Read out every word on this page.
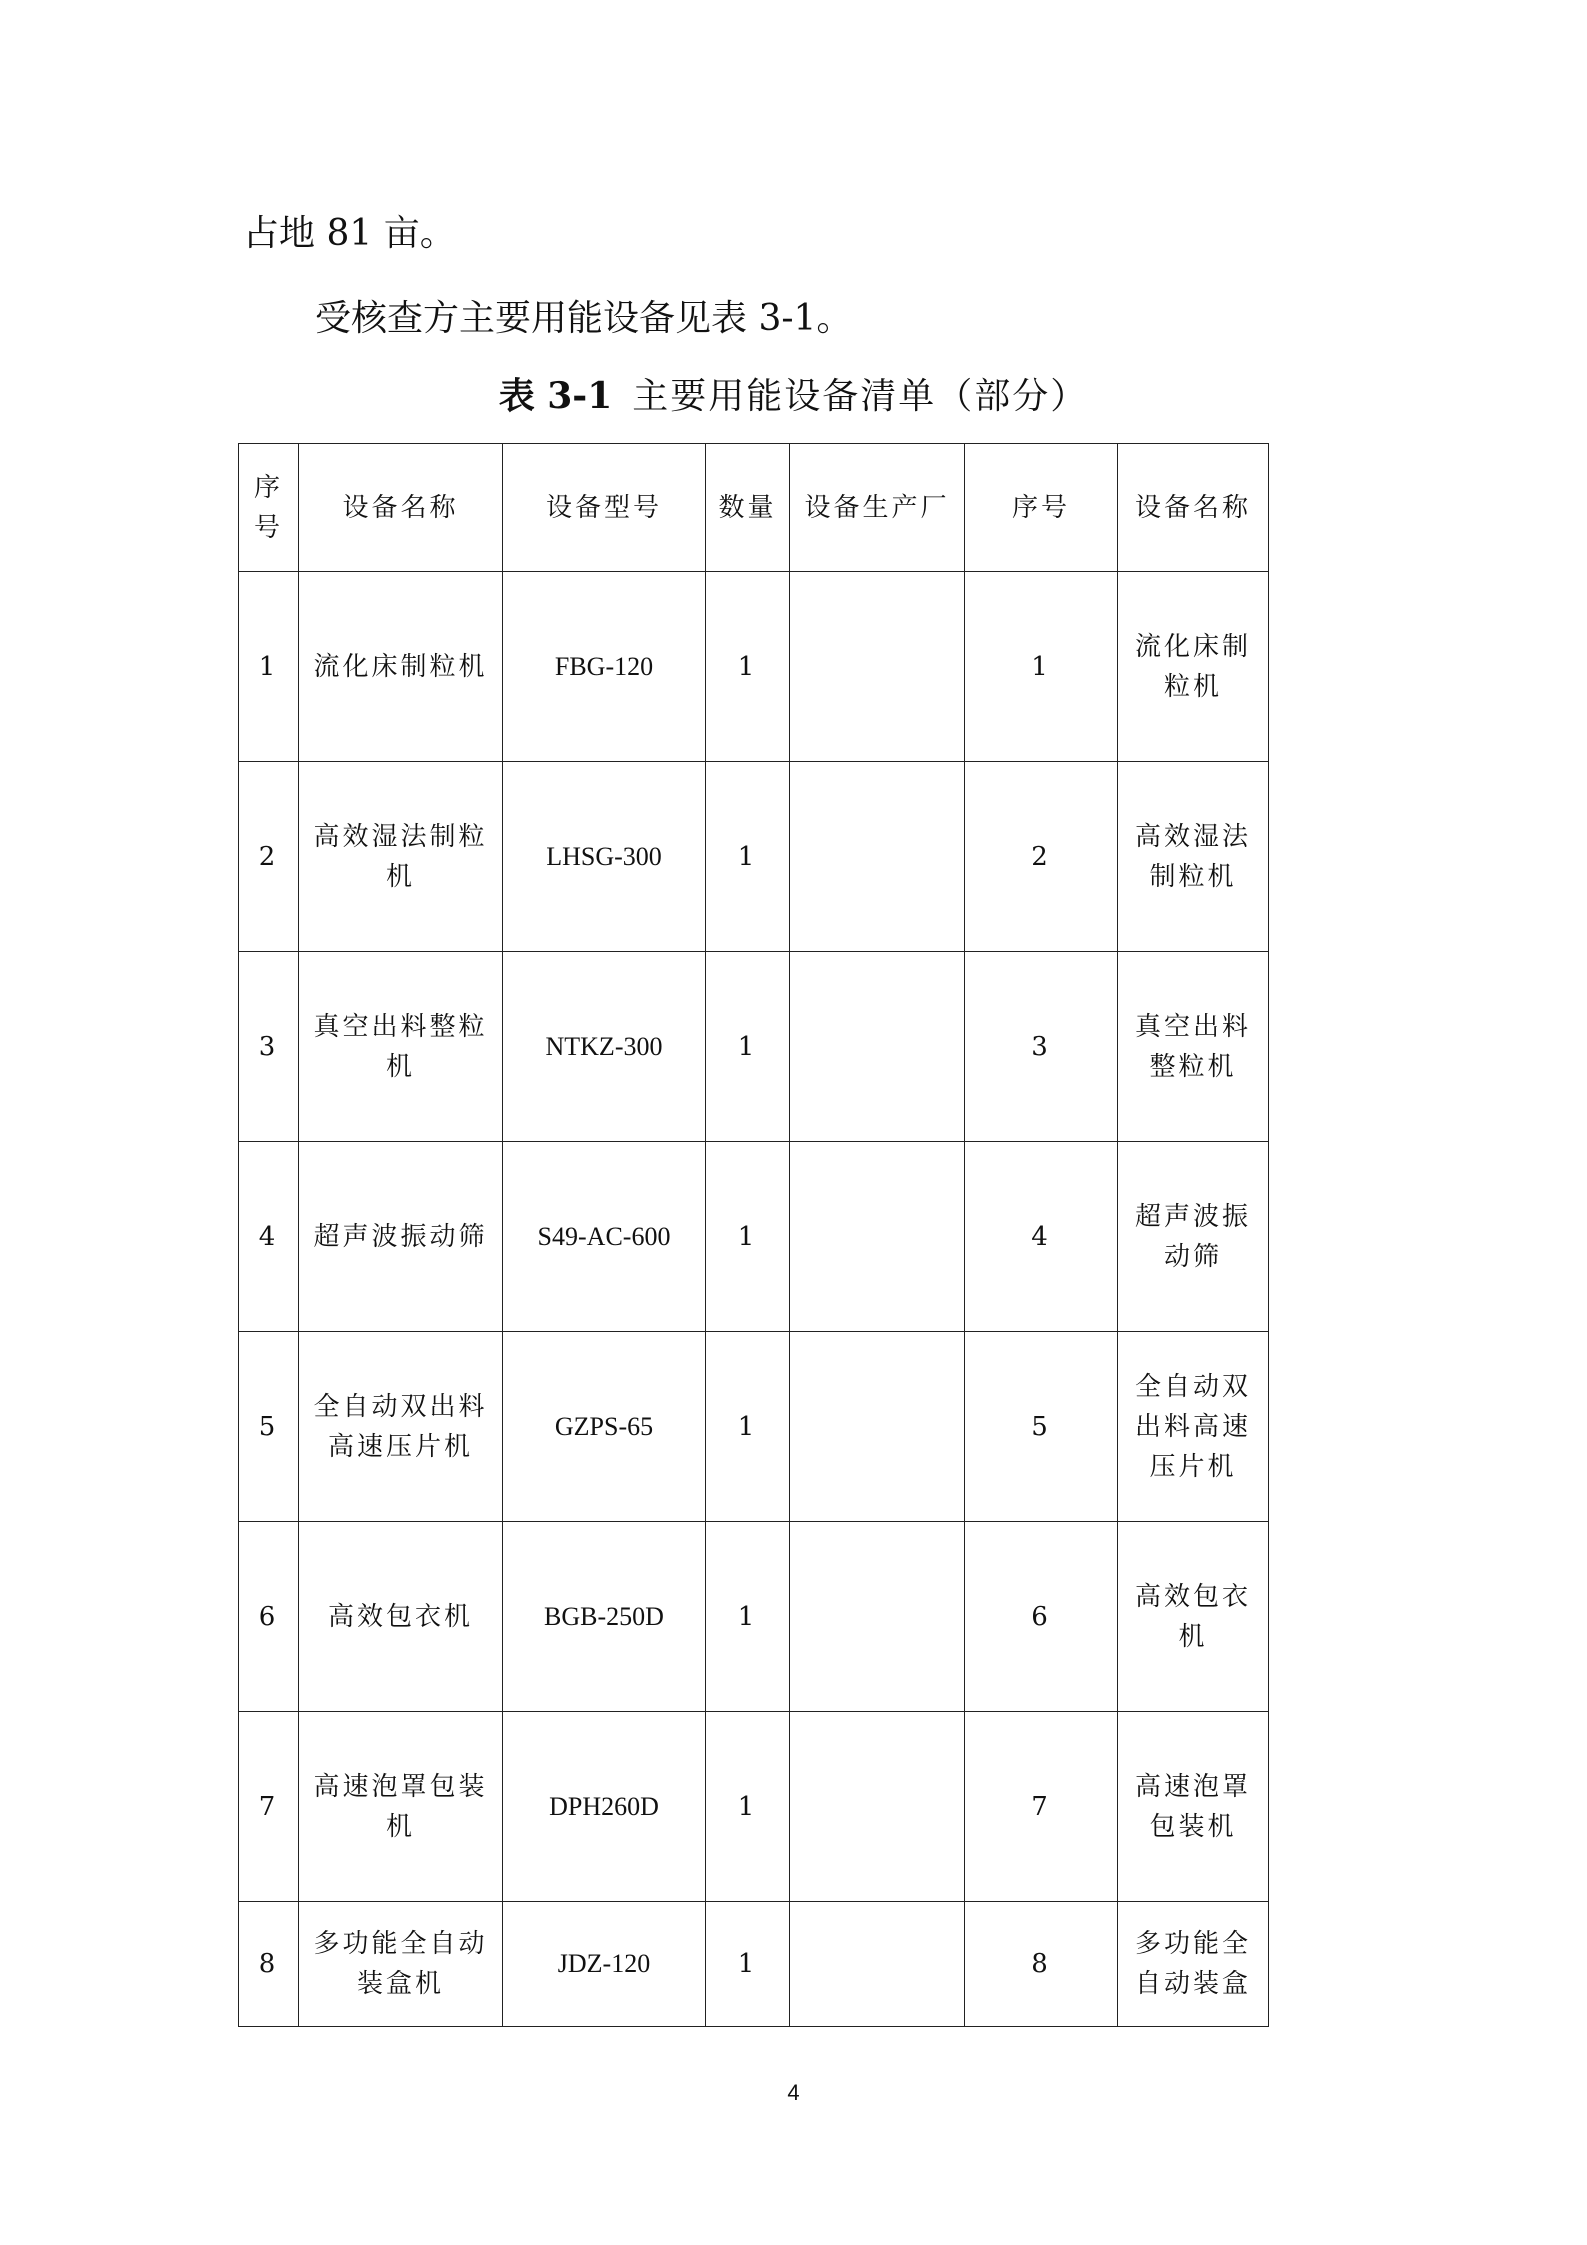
占地 81 亩。
受核查方主要用能设备见表 3-1。
表 3-1 主要用能设备清单（部分）
序号	设备名称	设备型号	数量	设备生产厂	序号	设备名称
1	流化床制粒机	FBG-120	1		1	流化床制粒机
2	高效湿法制粒机	LHSG-300	1		2	高效湿法制粒机
3	真空出料整粒机	NTKZ-300	1		3	真空出料整粒机
4	超声波振动筛	S49-AC-600	1		4	超声波振动筛
5	全自动双出料高速压片机	GZPS-65	1		5	全自动双出料高速压片机
6	高效包衣机	BGB-250D	1		6	高效包衣机
7	高速泡罩包装机	DPH260D	1		7	高速泡罩包装机
8	多功能全自动装盒机	JDZ-120	1		8	多功能全自动装盒
4
